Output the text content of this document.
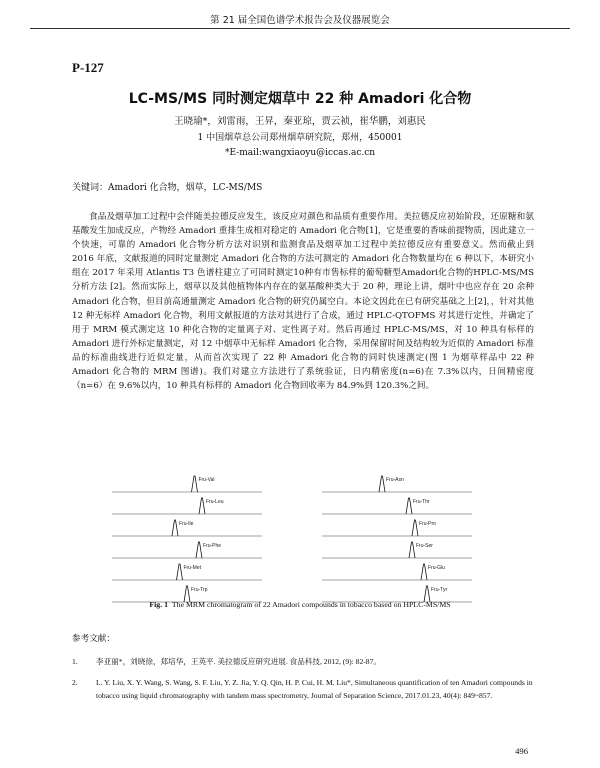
第 21 届全国色谱学术报告会及仪器展览会
P-127
LC-MS/MS 同时测定烟草中 22 种 Amadori 化合物
王晓瑜*，刘雷雨，王昇，秦亚琼，贾云祯，崔华鹏，刘惠民
1 中国烟草总公司郑州烟草研究院，郑州，450001
*E-mail:wangxiaoyu@iccas.ac.cn
关键词：Amadori 化合物，烟草，LC-MS/MS

食品及烟草加工过程中会伴随美拉德反应发生，该反应对颜色和品质有重要作用。美拉德反应初始阶段，还原糖和氨基酸发生加成反应，产物经 Amadori 重排生成相对稳定的 Amadori 化合物[1]，它是重要的香味前提物质，因此建立一个快速，可靠的 Amadori 化合物分析方法对识别和监测食品及烟草加工过程中美拉德反应有重要意义。然而截止到 2016 年底，文献报道的同时定量测定 Amadori 化合物的方法可测定的 Amadori 化合物数量均在 6 种以下，本研究小组在 2017 年采用 Atlantis T3 色谱柱建立了可同时测定10种有市售标样的葡萄糖型Amadori化合物的HPLC-MS/MS 分析方法 [2]。然而实际上，烟草以及其他植物体内存在的氨基酸种类大于 20 种，理论上讲，烟叶中也应存在 20 余种 Amadori 化合物，但目前高通量测定 Amadori 化合物的研究仍属空白。本论文因此在已有研究基础之上[2]，，针对其他 12 种无标样 Amadori 化合物，利用文献报道的方法对其进行了合成，通过 HPLC-QTOFMS 对其进行定性，并确定了用于 MRM 模式测定这 10 种化合物的定量离子对、定性离子对。然后再通过 HPLC-MS/MS，对 10 种具有标样的 Amadori 进行外标定量测定，对 12 中烟草中无标样 Amadori 化合物，采用保留时间及结构较为近似的 Amadori 标准品的标准曲线进行近似定量，从而首次实现了 22 种 Amadori 化合物的同时快速测定(图 1 为烟草样品中 22 种 Amadori 化合物的 MRM 图谱)。我们对建立方法进行了系统验证，日内精密度(n=6)在 7.3%以内，日间精密度（n=6）在 9.6%以内，10 种具有标样的 Amadori 化合物回收率为 84.9%到 120.3%之间。

Fru-Val
Fru-Leu
Fru-Ile
Fru-Phe
Fru-Met
Fru-Trp
Fru-Asn
Fru-Thr
Fru-Pro
Fru-Ser
Fru-Glu
Fru-Tyr
Fig. 1 The MRM chromatogram of 22 Amadori compounds in tobacco based on HPLC-MS/MS
参考文献：
1. 李亚丽*，刘晓徐，郑培华，王英平. 美拉德反应研究进展. 食品科技, 2012, (9): 82-87。
2. L. Y. Liu, X. Y. Wang, S. Wang, S. F. Liu, Y. Z. Jia, Y. Q. Qin, H. P. Cui, H. M. Liu*, Simultaneous quantification of ten Amadori compounds in tobacco using liquid chromatography with tandem mass spectrometry, Journal of Separation Science, 2017.01.23, 40(4): 849~857.
496
